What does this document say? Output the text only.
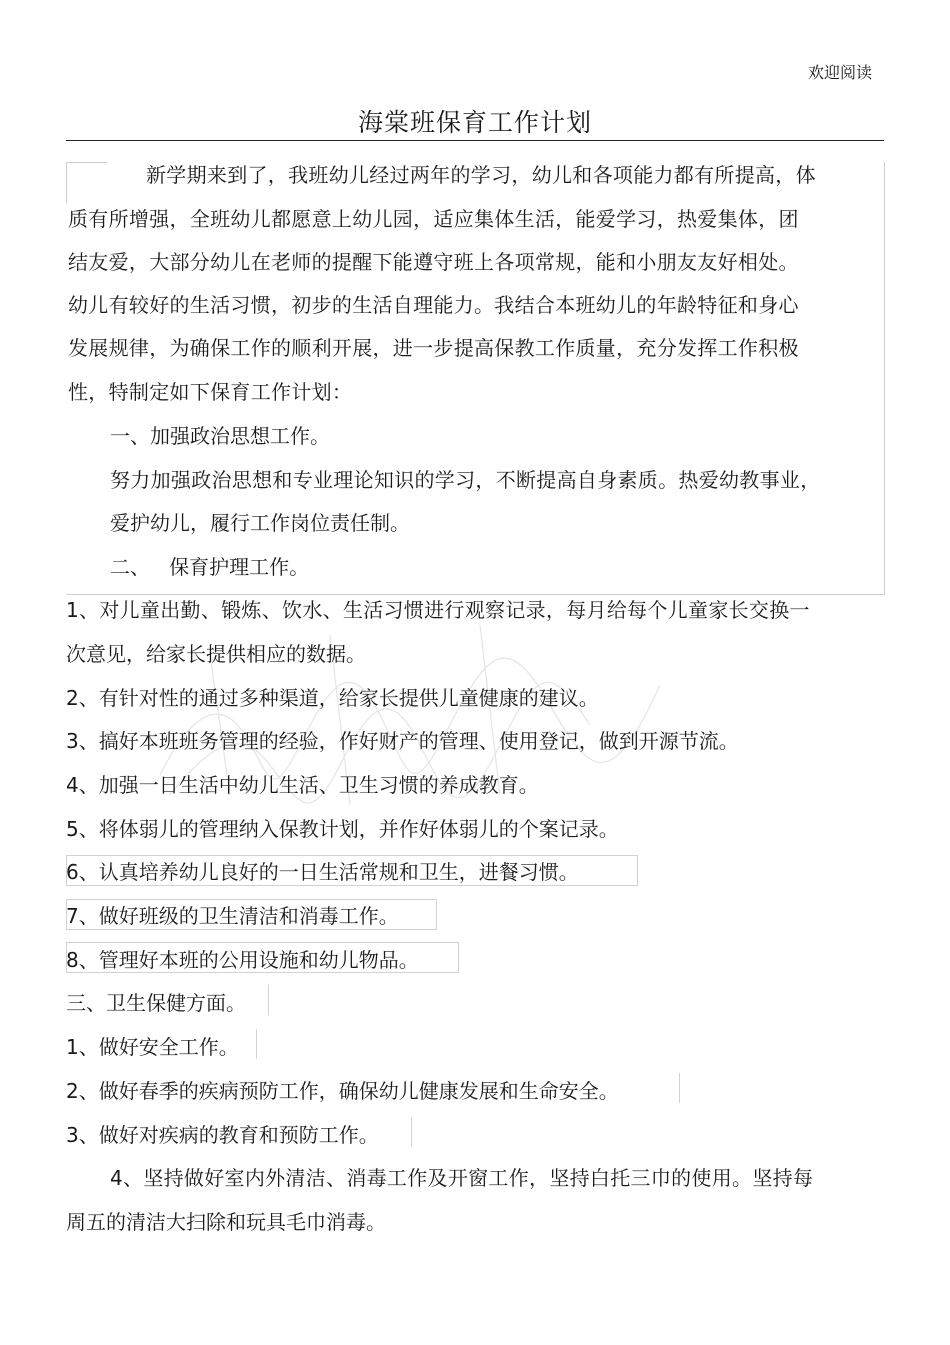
欢迎阅读
海棠班保育工作计划
新学期来到了，我班幼儿经过两年的学习，幼儿和各项能力都有所提高，体
质有所增强，全班幼儿都愿意上幼儿园，适应集体生活，能爱学习，热爱集体，团
结友爱，大部分幼儿在老师的提醒下能遵守班上各项常规，能和小朋友友好相处。
幼儿有较好的生活习惯，初步的生活自理能力。我结合本班幼儿的年龄特征和身心
发展规律，为确保工作的顺利开展，进一步提高保教工作质量，充分发挥工作积极
性，特制定如下保育工作计划：
一、加强政治思想工作。
努力加强政治思想和专业理论知识的学习，不断提高自身素质。热爱幼教事业，
爱护幼儿，履行工作岗位责任制。
二、   保育护理工作。
1、对儿童出勤、锻炼、饮水、生活习惯进行观察记录，每月给每个儿童家长交换一
次意见，给家长提供相应的数据。
2、有针对性的通过多种渠道，给家长提供儿童健康的建议。
3、搞好本班班务管理的经验，作好财产的管理、使用登记，做到开源节流。
4、加强一日生活中幼儿生活、卫生习惯的养成教育。
5、将体弱儿的管理纳入保教计划，并作好体弱儿的个案记录。
6、认真培养幼儿良好的一日生活常规和卫生，进餐习惯。
7、做好班级的卫生清洁和消毒工作。
8、管理好本班的公用设施和幼儿物品。
三、卫生保健方面。
1、做好安全工作。
2、做好春季的疾病预防工作，确保幼儿健康发展和生命安全。
3、做好对疾病的教育和预防工作。
4、坚持做好室内外清洁、消毒工作及开窗工作，坚持白托三巾的使用。坚持每
周五的清洁大扫除和玩具毛巾消毒。
